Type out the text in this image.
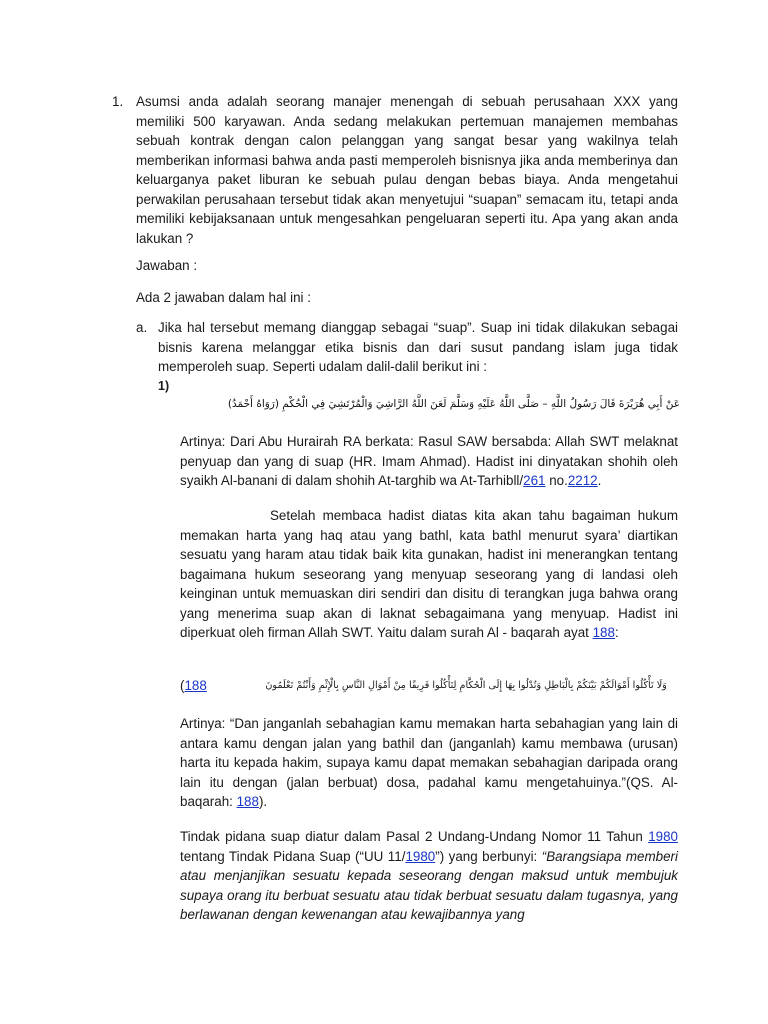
1. Asumsi anda adalah seorang manajer menengah di sebuah perusahaan XXX yang memiliki 500 karyawan. Anda sedang melakukan pertemuan manajemen membahas sebuah kontrak dengan calon pelanggan yang sangat besar yang wakilnya telah memberikan informasi bahwa anda pasti memperoleh bisnisnya jika anda memberinya dan keluarganya paket liburan ke sebuah pulau dengan bebas biaya. Anda mengetahui perwakilan perusahaan tersebut tidak akan menyetujui “suapan” semacam itu, tetapi anda memiliki kebijaksanaan untuk mengesahkan pengeluaran seperti itu. Apa yang akan anda lakukan ?

Jawaban :

Ada 2 jawaban dalam hal ini :

a. Jika hal tersebut memang dianggap sebagai “suap”. Suap ini tidak dilakukan sebagai bisnis karena melanggar etika bisnis dan dari susut pandang islam juga tidak memperoleh suap. Seperti udalam dalil-dalil berikut ini :

1)
عَنْ أَبِي هُرَيْرَةَ قَالَ رَسُولُ اللَّهِ – صَلَّى اللَّهُ عَلَيْهِ وَسَلَّمَ لَعَنَ اللَّهُ الرَّاشِيَ وَالْمُرْتَشِيَ فِي الْحُكْمِ (رَوَاهُ أَحْمَدُ)

Artinya: Dari Abu Hurairah RA berkata: Rasul SAW bersabda: Allah SWT melaknat penyuap dan yang di suap (HR. Imam Ahmad). Hadist ini dinyatakan shohih oleh syaikh Al-banani di dalam shohih At-targhib wa At-Tarhibll/261 no.2212.

Setelah membaca hadist diatas kita akan tahu bagaiman hukum memakan harta yang haq atau yang bathl, kata bathl menurut syara’ diartikan sesuatu yang haram atau tidak baik kita gunakan, hadist ini menerangkan tentang bagaimana hukum seseorang yang menyuap seseorang yang di landasi oleh keinginan untuk memuaskan diri sendiri dan disitu di terangkan juga bahwa orang yang menerima suap akan di laknat sebagaimana yang menyuap. Hadist ini diperkuat oleh firman Allah SWT. Yaitu dalam surah Al - baqarah ayat 188:

(188	وَلَا تَأْكُلُوا أَمْوَالَكُمْ بَيْنَكُمْ بِالْبَاطِلِ وَتُدْلُوا بِهَا إِلَى الْحُكَّامِ لِتَأْكُلُوا فَرِيقًا مِنْ أَمْوَالِ النَّاسِ بِالْإِثْمِ وَأَنْتُمْ تَعْلَمُونَ

Artinya: “Dan janganlah sebahagian kamu memakan harta sebahagian yang lain di antara kamu dengan jalan yang bathil dan (janganlah) kamu membawa (urusan) harta itu kepada hakim, supaya kamu dapat memakan sebahagian daripada orang lain itu dengan (jalan berbuat) dosa, padahal kamu mengetahuinya.”(QS. Al-baqarah: 188).

Tindak pidana suap diatur dalam Pasal 2 Undang-Undang Nomor 11 Tahun 1980 tentang Tindak Pidana Suap (“UU 11/1980”) yang berbunyi: “Barangsiapa memberi atau menjanjikan sesuatu kepada seseorang dengan maksud untuk membujuk supaya orang itu berbuat sesuatu atau tidak berbuat sesuatu dalam tugasnya, yang berlawanan dengan kewenangan atau kewajibannya yang
